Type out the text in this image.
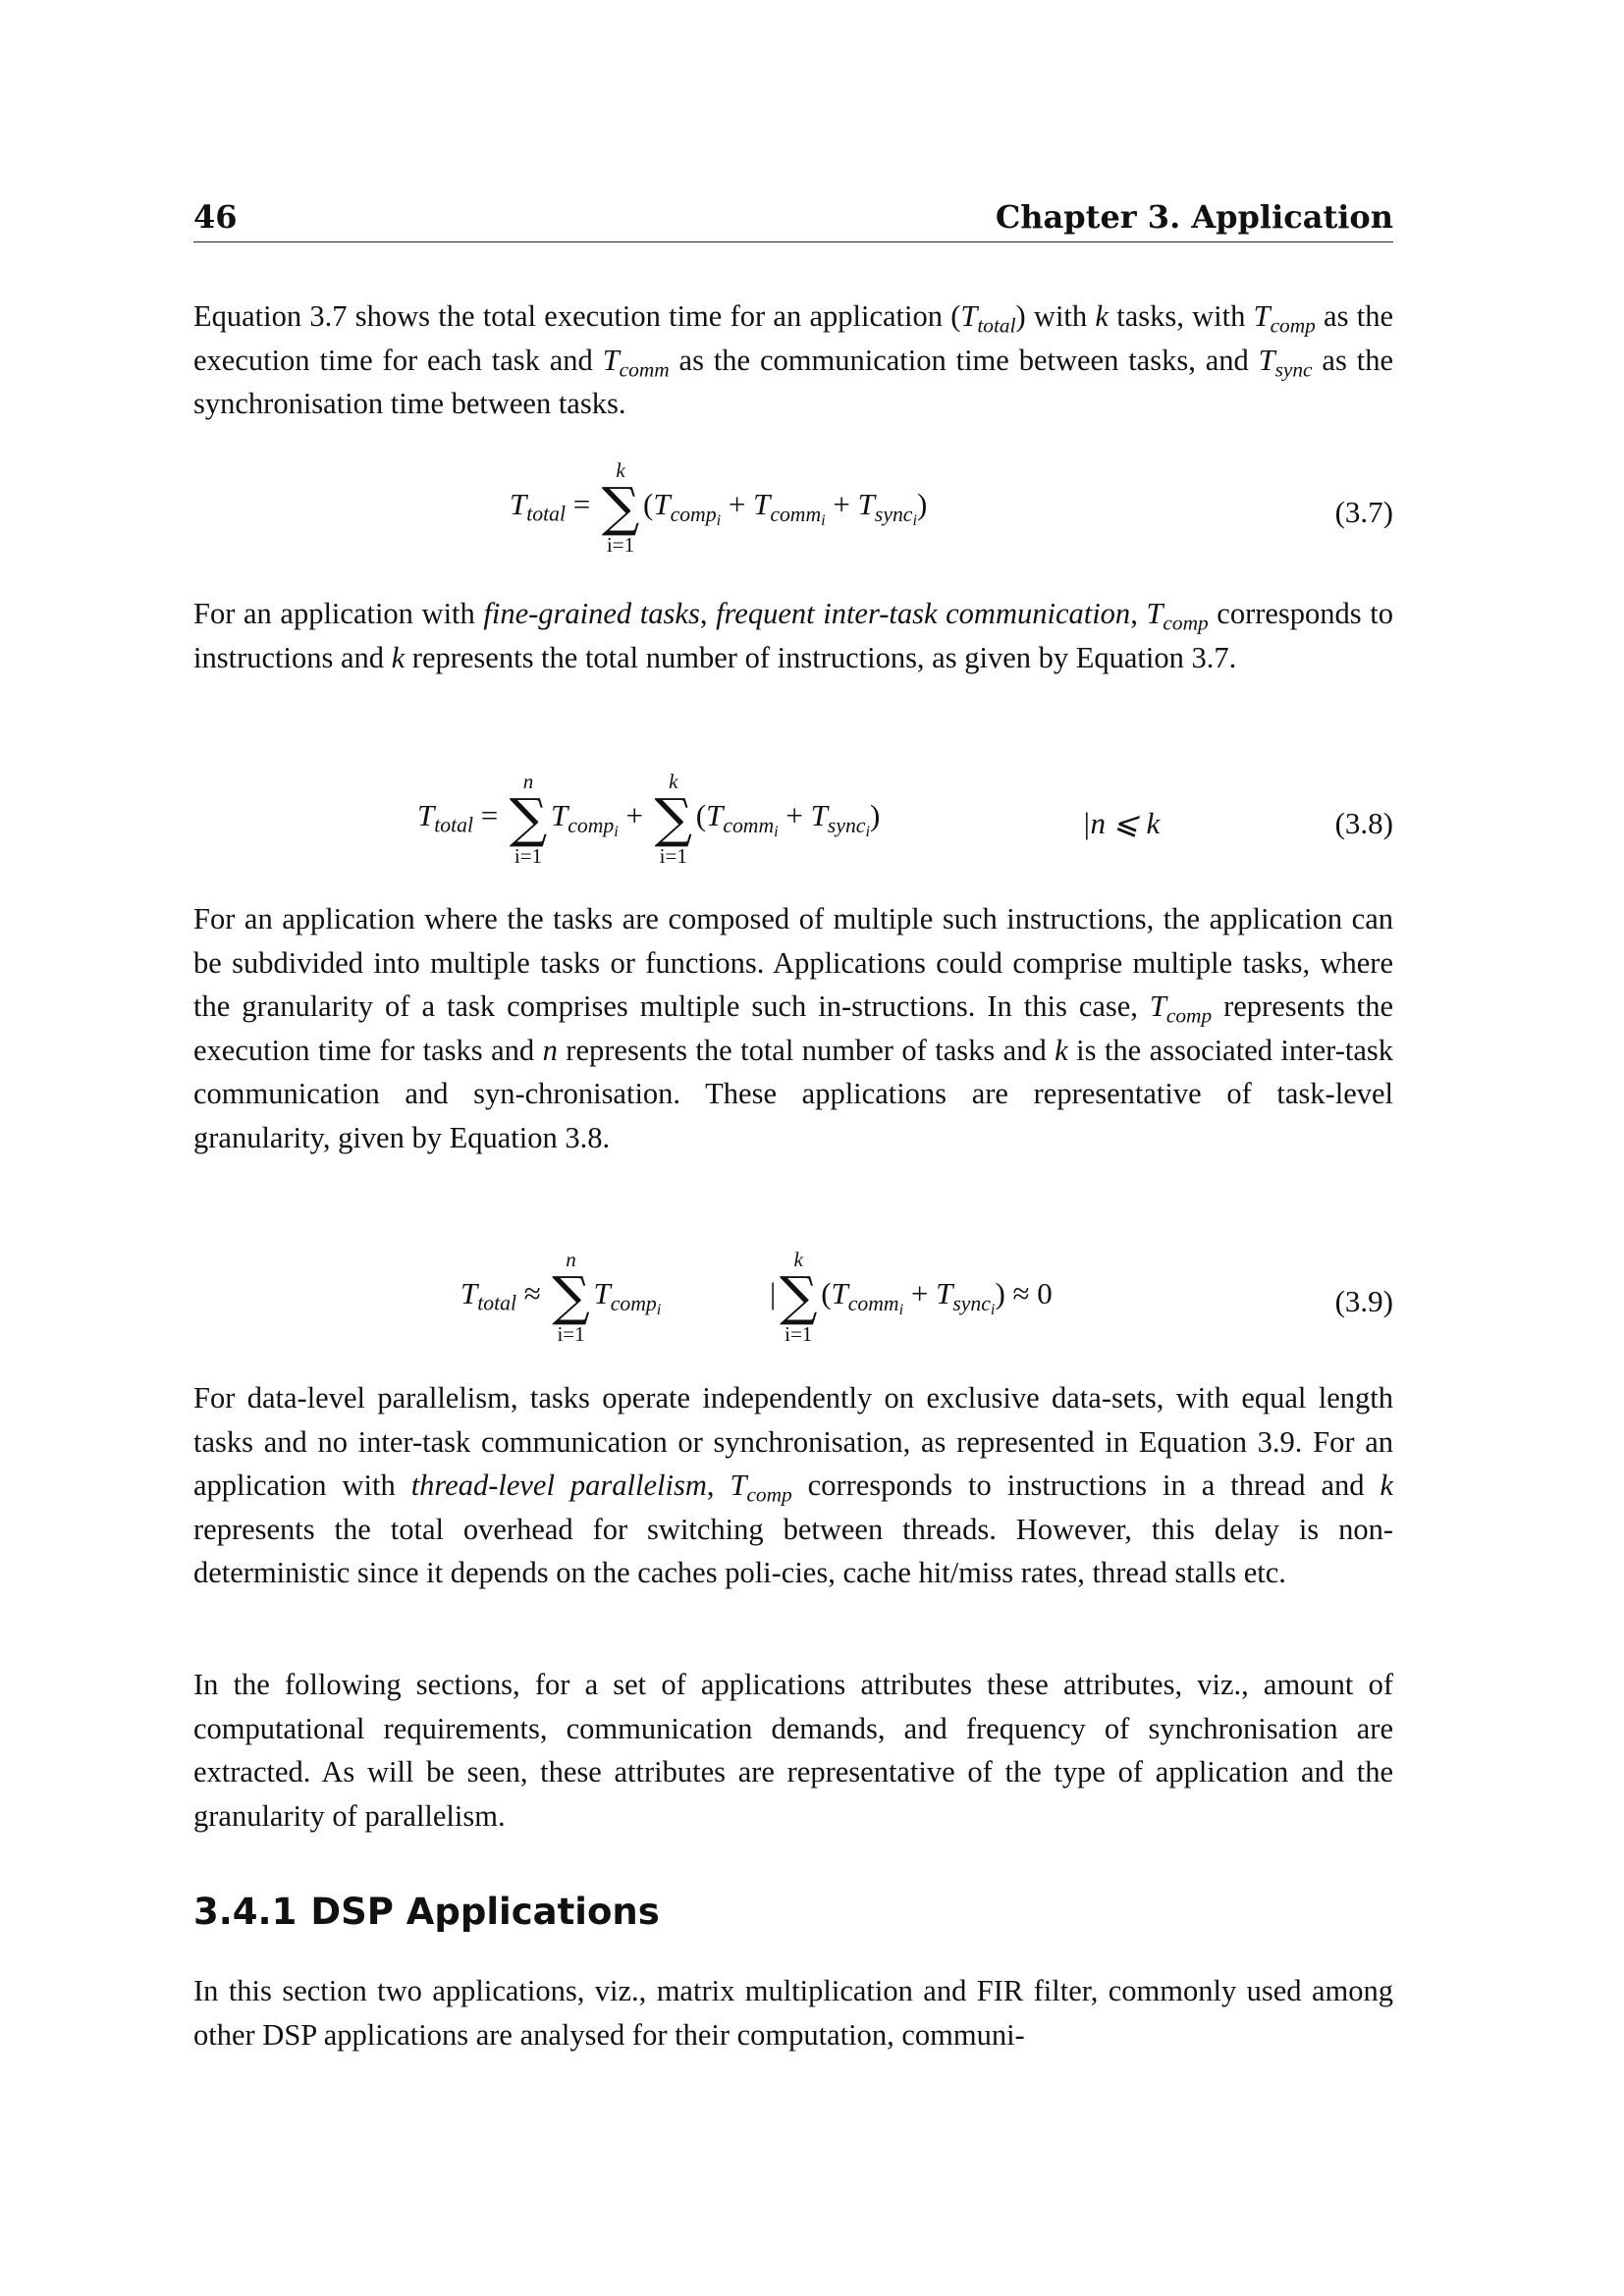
46	Chapter 3. Application
Equation 3.7 shows the total execution time for an application $(T_{total})$ with k tasks, with $T_{comp}$ as the execution time for each task and $T_{comm}$ as the communication time between tasks, and $T_{sync}$ as the synchronisation time between tasks.
$T_{total}$ =
k
∑
i=1
$(T_{comp_i} + T_{comm_i} + T_{sync_i})$	(3.7)
For an application with fine-grained tasks, frequent inter-task communication, $T_{comp}$ corresponds to instructions and k represents the total number of instructions, as given by Equation 3.7.
$T_{total}$ =
n
∑
i=1
$T_{comp_i}$ +
k
∑
i=1
$(T_{comm_i} + T_{sync_i})$	|n ⩽ k	(3.8)
For an application where the tasks are composed of multiple such instructions, the application can be subdivided into multiple tasks or functions. Applications could comprise multiple tasks, where the granularity of a task comprises multiple such in-structions. In this case, $T_{comp}$ represents the execution time for tasks and n represents the total number of tasks and k is the associated inter-task communication and syn-chronisation. These applications are representative of task-level granularity, given by Equation 3.8.
$T_{total}$ ≈
n
∑
i=1
$T_{comp_i}$	|
k
∑
i=1
$(T_{comm_i} + T_{sync_i}) \approx 0$	(3.9)
For data-level parallelism, tasks operate independently on exclusive data-sets, with equal length tasks and no inter-task communication or synchronisation, as represented in Equation 3.9. For an application with thread-level parallelism, $T_{comp}$ corresponds to instructions in a thread and k represents the total overhead for switching between threads. However, this delay is non-deterministic since it depends on the caches poli-cies, cache hit/miss rates, thread stalls etc.
In the following sections, for a set of applications attributes these attributes, viz., amount of computational requirements, communication demands, and frequency of synchronisation are extracted. As will be seen, these attributes are representative of the type of application and the granularity of parallelism.
3.4.1 DSP Applications
In this section two applications, viz., matrix multiplication and FIR filter, commonly used among other DSP applications are analysed for their computation, communi-
